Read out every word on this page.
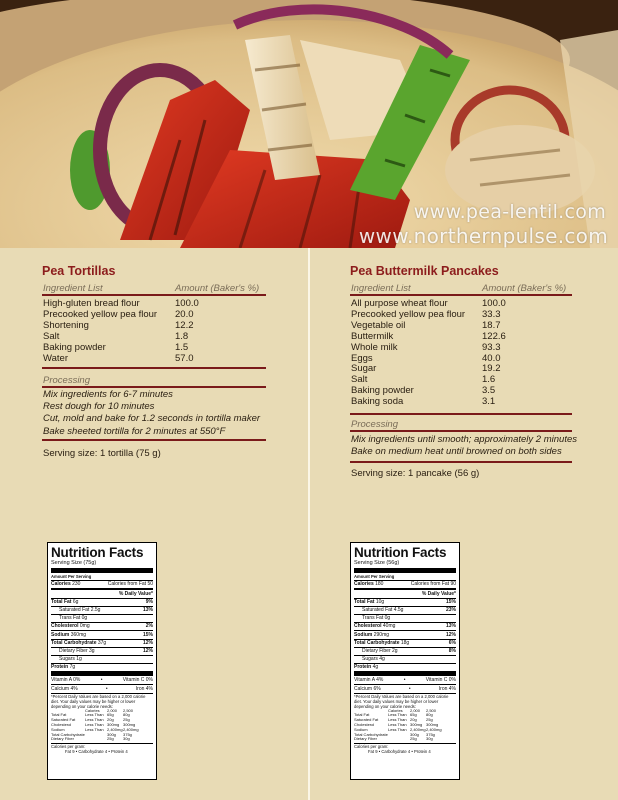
www.pea-lentil.com
www.northernpulse.com
Pea Tortillas
Ingredient List	Amount (Baker's %)
High-gluten bread flour	100.0
Precooked yellow pea flour 20.0
Shortening	12.2
Salt	1.8
Baking powder	1.5
Water	57.0
Processing
Mix ingredients for 6-7 minutes
Rest dough for 10 minutes
Cut, mold and bake for 1.2 seconds in tortilla maker
Bake sheeted tortilla for 2 minutes at 550°F
Serving size: 1 tortilla (75 g)
Nutrition Facts
Serving Size (75g)
Amount Per Serving
Calories 230	Calories from Fat 50
% Daily Value*
Total Fat 6g	9%
Saturated Fat 2.5g	13%
Trans Fat 0g
Cholesterol 0mg	2%
Sodium 360mg	15%
Total Carbohydrate 37g	12%
Dietary Fiber 3g	12%
Sugars 1g
Protein 7g
Vitamin A 0%	•	Vitamin C 0%
Calcium 4%	•	Iron 4%
*Percent Daily Values are based on a 2,000 calorie diet. Your daily values may be higher or lower depending on your calorie needs:
Calories	2,000	2,500
Total Fat	Less Than 65g	80g
Saturated Fat	Less Than 20g	25g
Cholesterol	Less Than 300mg 300mg
Sodium	Less Than 2,400mg 2,400mg
Total Carbohydrate	300g	375g
Dietary Fiber	25g	30g
Calories per gram:
Fat 9 • Carbohydrate 4 • Protein 4
Pea Buttermilk Pancakes
Ingredient List	Amount (Baker's %)
All purpose wheat flour	100.0
Precooked yellow pea flour 33.3
Vegetable oil	18.7
Buttermilk	122.6
Whole milk	93.3
Eggs	40.0
Sugar	19.2
Salt	1.6
Baking powder	3.5
Baking soda	3.1
Processing
Mix ingredients until smooth; approximately 2 minutes
Bake on medium heat until browned on both sides
Serving size: 1 pancake (56 g)
Nutrition Facts
Serving Size (56g)
Amount Per Serving
Calories 180	Calories from Fat 90
% Daily Value*
Total Fat 10g	15%
Saturated Fat 4.5g	23%
Trans Fat 0g
Cholesterol 40mg	13%
Sodium 290mg	12%
Total Carbohydrate 18g	6%
Dietary Fiber 2g	8%
Sugars 4g
Protein 4g
Vitamin A 4%	•	Vitamin C 0%
Calcium 6%	•	Iron 4%
*Percent Daily Values are based on a 2,000 calorie diet. Your daily values may be higher or lower depending on your calorie needs:
Calories	2,000	2,500
Total Fat	Less Than 65g	80g
Saturated Fat	Less Than 20g	25g
Cholesterol	Less Than 300mg 300mg
Sodium	Less Than 2,400mg 2,400mg
Total Carbohydrate	300g	375g
Dietary Fiber	25g	30g
Calories per gram:
Fat 9 • Carbohydrate 4 • Protein 4
